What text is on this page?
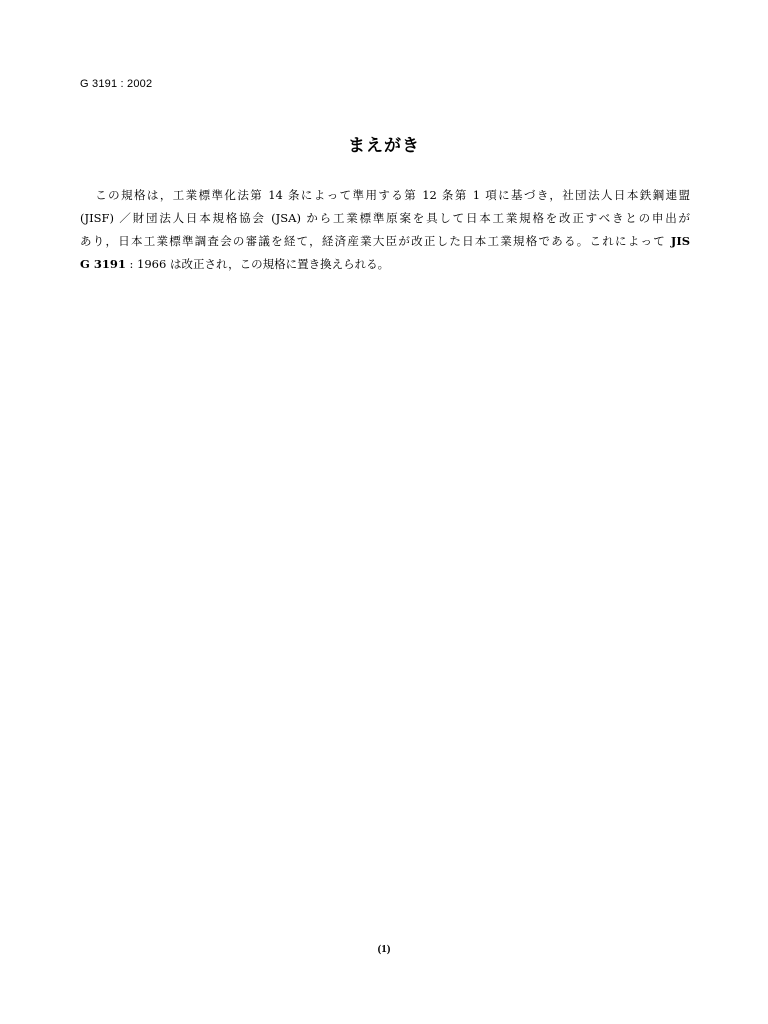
G 3191 : 2002
まえがき
この規格は，工業標準化法第 14 条によって準用する第 12 条第 1 項に基づき，社団法人日本鉄鋼連盟
(JISF) ／財団法人日本規格協会 (JSA) から工業標準原案を具して日本工業規格を改正すべきとの申出が
あり，日本工業標準調査会の審議を経て，経済産業大臣が改正した日本工業規格である。これによって JIS
G 3191 : 1966 は改正され，この規格に置き換えられる。
(1)
